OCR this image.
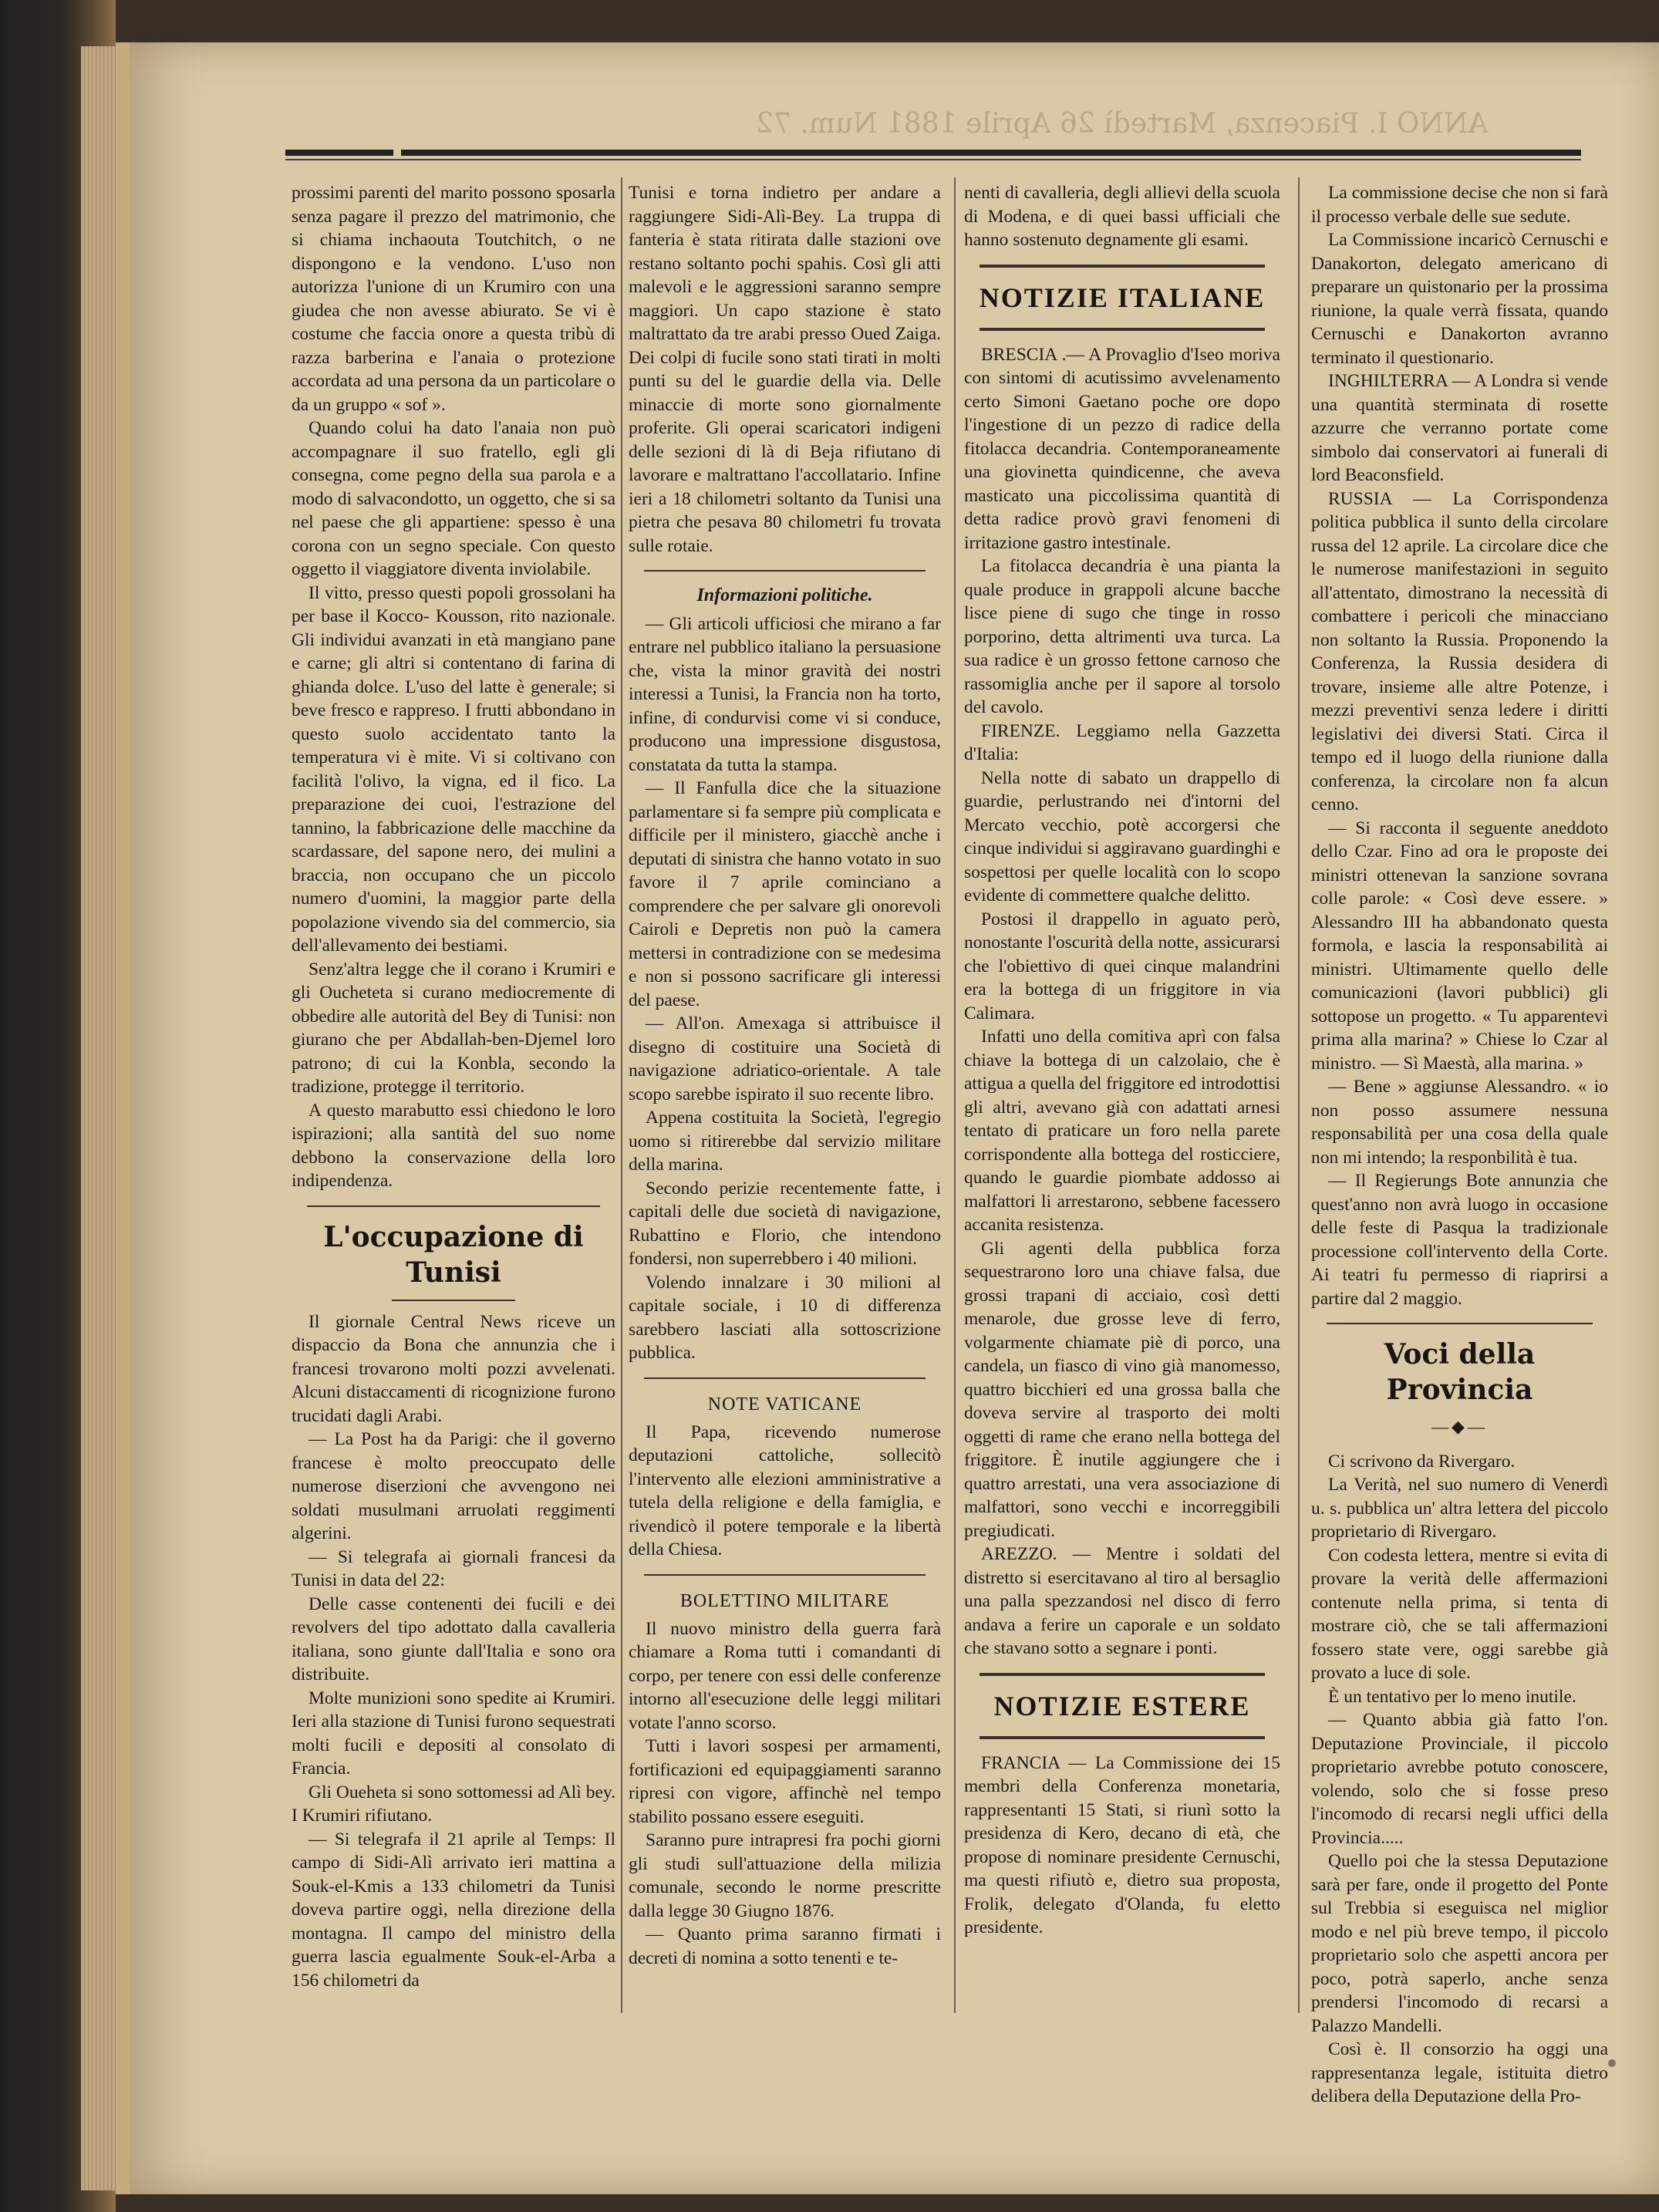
ANNO I. Piacenza, Martedì 26 Aprile 1881 Num. 72

prossimi parenti del marito possono sposarla senza pagare il prezzo del matrimonio, che si chiama inchaouta Toutchitch, o ne dispongono e la vendono. L'uso non autorizza l'unione di un Krumiro con una giudea che non avesse abiurato. Se vi è costume che faccia onore a questa tribù di razza barberina e l'anaia o protezione accordata ad una persona da un particolare o da un gruppo « sof ».

Quando colui ha dato l'anaia non può accompagnare il suo fratello, egli gli consegna, come pegno della sua parola e a modo di salvacondotto, un oggetto, che si sa nel paese che gli appartiene: spesso è una corona con un segno speciale. Con questo oggetto il viaggiatore diventa inviolabile.

Il vitto, presso questi popoli grossolani ha per base il Kocco- Kousson, rito nazionale. Gli individui avanzati in età mangiano pane e carne; gli altri si contentano di farina di ghianda dolce. L'uso del latte è generale; si beve fresco e rappreso. I frutti abbondano in questo suolo accidentato tanto la temperatura vi è mite. Vi si coltivano con facilità l'olivo, la vigna, ed il fico. La preparazione dei cuoi, l'estrazione del tannino, la fabbricazione delle macchine da scardassare, del sapone nero, dei mulini a braccia, non occupano che un piccolo numero d'uomini, la maggior parte della popolazione vivendo sia del commercio, sia dell'allevamento dei bestiami.

Senz'altra legge che il corano i Krumiri e gli Oucheteta si curano mediocremente di obbedire alle autorità del Bey di Tunisi: non giurano che per Abdallah-ben-Djemel loro patrono; di cui la Konbla, secondo la tradizione, protegge il territorio.

A questo marabutto essi chiedono le loro ispirazioni; alla santità del suo nome debbono la conservazione della loro indipendenza.

L'occupazione di Tunisi

Il giornale Central News riceve un dispaccio da Bona che annunzia che i francesi trovarono molti pozzi avvelenati. Alcuni distaccamenti di ricognizione furono trucidati dagli Arabi.

— La Post ha da Parigi: che il governo francese è molto preoccupato delle numerose diserzioni che avvengono nei soldati musulmani arruolati reggimenti algerini.

— Si telegrafa ai giornali francesi da Tunisi in data del 22:

Delle casse contenenti dei fucili e dei revolvers del tipo adottato dalla cavalleria italiana, sono giunte dall'Italia e sono ora distribuite.

Molte munizioni sono spedite ai Krumiri. Ieri alla stazione di Tunisi furono sequestrati molti fucili e depositi al consolato di Francia.

Gli Oueheta si sono sottomessi ad Alì bey. I Krumiri rifiutano.

— Si telegrafa il 21 aprile al Temps: Il campo di Sidi-Alì arrivato ieri mattina a Souk-el-Kmis a 133 chilometri da Tunisi doveva partire oggi, nella direzione della montagna. Il campo del ministro della guerra lascia egualmente Souk-el-Arba a 156 chilometri da

Tunisi e torna indietro per andare a raggiungere Sidi-Alì-Bey. La truppa di fanteria è stata ritirata dalle stazioni ove restano soltanto pochi spahis. Così gli atti malevoli e le aggressioni saranno sempre maggiori. Un capo stazione è stato maltrattato da tre arabi presso Oued Zaiga. Dei colpi di fucile sono stati tirati in molti punti su del le guardie della via. Delle minaccie di morte sono giornalmente proferite. Gli operai scaricatori indigeni delle sezioni di là di Beja rifiutano di lavorare e maltrattano l'accollatario. Infine ieri a 18 chilometri soltanto da Tunisi una pietra che pesava 80 chilometri fu trovata sulle rotaie.

Informazioni politiche.

— Gli articoli ufficiosi che mirano a far entrare nel pubblico italiano la persuasione che, vista la minor gravità dei nostri interessi a Tunisi, la Francia non ha torto, infine, di condurvisi come vi si conduce, producono una impressione disgustosa, constatata da tutta la stampa.

— Il Fanfulla dice che la situazione parlamentare si fa sempre più complicata e difficile per il ministero, giacchè anche i deputati di sinistra che hanno votato in suo favore il 7 aprile cominciano a comprendere che per salvare gli onorevoli Cairoli e Depretis non può la camera mettersi in contradizione con se medesima e non si possono sacrificare gli interessi del paese.

— All'on. Amexaga si attribuisce il disegno di costituire una Società di navigazione adriatico-orientale. A tale scopo sarebbe ispirato il suo recente libro.

Appena costituita la Società, l'egregio uomo si ritirerebbe dal servizio militare della marina.

Secondo perizie recentemente fatte, i capitali delle due società di navigazione, Rubattino e Florio, che intendono fondersi, non superrebbero i 40 milioni.

Volendo innalzare i 30 milioni al capitale sociale, i 10 di differenza sarebbero lasciati alla sottoscrizione pubblica.

NOTE VATICANE

Il Papa, ricevendo numerose deputazioni cattoliche, sollecitò l'intervento alle elezioni amministrative a tutela della religione e della famiglia, e rivendicò il potere temporale e la libertà della Chiesa.

BOLETTINO MILITARE

Il nuovo ministro della guerra farà chiamare a Roma tutti i comandanti di corpo, per tenere con essi delle conferenze intorno all'esecuzione delle leggi militari votate l'anno scorso.

Tutti i lavori sospesi per armamenti, fortificazioni ed equipaggiamenti saranno ripresi con vigore, affinchè nel tempo stabilito possano essere eseguiti.

Saranno pure intrapresi fra pochi giorni gli studi sull'attuazione della milizia comunale, secondo le norme prescritte dalla legge 30 Giugno 1876.

— Quanto prima saranno firmati i decreti di nomina a sotto tenenti e te-

nenti di cavalleria, degli allievi della scuola di Modena, e di quei bassi ufficiali che hanno sostenuto degnamente gli esami.

NOTIZIE ITALIANE

BRESCIA .— A Provaglio d'Iseo moriva con sintomi di acutissimo avvelenamento certo Simoni Gaetano poche ore dopo l'ingestione di un pezzo di radice della fitolacca decandria. Contemporaneamente una giovinetta quindicenne, che aveva masticato una piccolissima quantità di detta radice provò gravi fenomeni di irritazione gastro intestinale.

La fitolacca decandria è una pianta la quale produce in grappoli alcune bacche lisce piene di sugo che tinge in rosso porporino, detta altrimenti uva turca. La sua radice è un grosso fettone carnoso che rassomiglia anche per il sapore al torsolo del cavolo.

FIRENZE. Leggiamo nella Gazzetta d'Italia:

Nella notte di sabato un drappello di guardie, perlustrando nei d'intorni del Mercato vecchio, potè accorgersi che cinque individui si aggiravano guardinghi e sospettosi per quelle località con lo scopo evidente di commettere qualche delitto.

Postosi il drappello in aguato però, nonostante l'oscurità della notte, assicurarsi che l'obiettivo di quei cinque malandrini era la bottega di un friggitore in via Calimara.

Infatti uno della comitiva aprì con falsa chiave la bottega di un calzolaio, che è attigua a quella del friggitore ed introdottisi gli altri, avevano già con adattati arnesi tentato di praticare un foro nella parete corrispondente alla bottega del rosticciere, quando le guardie piombate addosso ai malfattori li arrestarono, sebbene facessero accanita resistenza.

Gli agenti della pubblica forza sequestrarono loro una chiave falsa, due grossi trapani di acciaio, così detti menarole, due grosse leve di ferro, volgarmente chiamate piè di porco, una candela, un fiasco di vino già manomesso, quattro bicchieri ed una grossa balla che doveva servire al trasporto dei molti oggetti di rame che erano nella bottega del friggitore. È inutile aggiungere che i quattro arrestati, una vera associazione di malfattori, sono vecchi e incorreggibili pregiudicati.

AREZZO. — Mentre i soldati del distretto si esercitavano al tiro al bersaglio una palla spezzandosi nel disco di ferro andava a ferire un caporale e un soldato che stavano sotto a segnare i ponti.

NOTIZIE ESTERE

FRANCIA — La Commissione dei 15 membri della Conferenza monetaria, rappresentanti 15 Stati, si riunì sotto la presidenza di Kero, decano di età, che propose di nominare presidente Cernuschi, ma questi rifiutò e, dietro sua proposta, Frolik, delegato d'Olanda, fu eletto presidente.

La commissione decise che non si farà il processo verbale delle sue sedute.

La Commissione incaricò Cernuschi e Danakorton, delegato americano di preparare un quistonario per la prossima riunione, la quale verrà fissata, quando Cernuschi e Danakorton avranno terminato il questionario.

INGHILTERRA — A Londra si vende una quantità sterminata di rosette azzurre che verranno portate come simbolo dai conservatori ai funerali di lord Beaconsfield.

RUSSIA — La Corrispondenza politica pubblica il sunto della circolare russa del 12 aprile. La circolare dice che le numerose manifestazioni in seguito all'attentato, dimostrano la necessità di combattere i pericoli che minacciano non soltanto la Russia. Proponendo la Conferenza, la Russia desidera di trovare, insieme alle altre Potenze, i mezzi preventivi senza ledere i diritti legislativi dei diversi Stati. Circa il tempo ed il luogo della riunione dalla conferenza, la circolare non fa alcun cenno.

— Si racconta il seguente aneddoto dello Czar. Fino ad ora le proposte dei ministri ottenevan la sanzione sovrana colle parole: « Così deve essere. » Alessandro III ha abbandonato questa formola, e lascia la responsabilità ai ministri. Ultimamente quello delle comunicazioni (lavori pubblici) gli sottopose un progetto. « Tu apparentevi prima alla marina? » Chiese lo Czar al ministro. — Sì Maestà, alla marina. »

— Bene » aggiunse Alessandro. « io non posso assumere nessuna responsabilità per una cosa della quale non mi intendo; la responbilità è tua.

— Il Regierungs Bote annunzia che quest'anno non avrà luogo in occasione delle feste di Pasqua la tradizionale processione coll'intervento della Corte. Ai teatri fu permesso di riaprirsi a partire dal 2 maggio.

Voci della Provincia
—◆—

Ci scrivono da Rivergaro.

La Verità, nel suo numero di Venerdì u. s. pubblica un' altra lettera del piccolo proprietario di Rivergaro.

Con codesta lettera, mentre si evita di provare la verità delle affermazioni contenute nella prima, si tenta di mostrare ciò, che se tali affermazioni fossero state vere, oggi sarebbe già provato a luce di sole.

È un tentativo per lo meno inutile.

— Quanto abbia già fatto l'on. Deputazione Provinciale, il piccolo proprietario avrebbe potuto conoscere, volendo, solo che si fosse preso l'incomodo di recarsi negli uffici della Provincia.....

Quello poi che la stessa Deputazione sarà per fare, onde il progetto del Ponte sul Trebbia si eseguisca nel miglior modo e nel più breve tempo, il piccolo proprietario solo che aspetti ancora per poco, potrà saperlo, anche senza prendersi l'incomodo di recarsi a Palazzo Mandelli.

Così è. Il consorzio ha oggi una rappresentanza legale, istituita dietro delibera della Deputazione della Pro-
